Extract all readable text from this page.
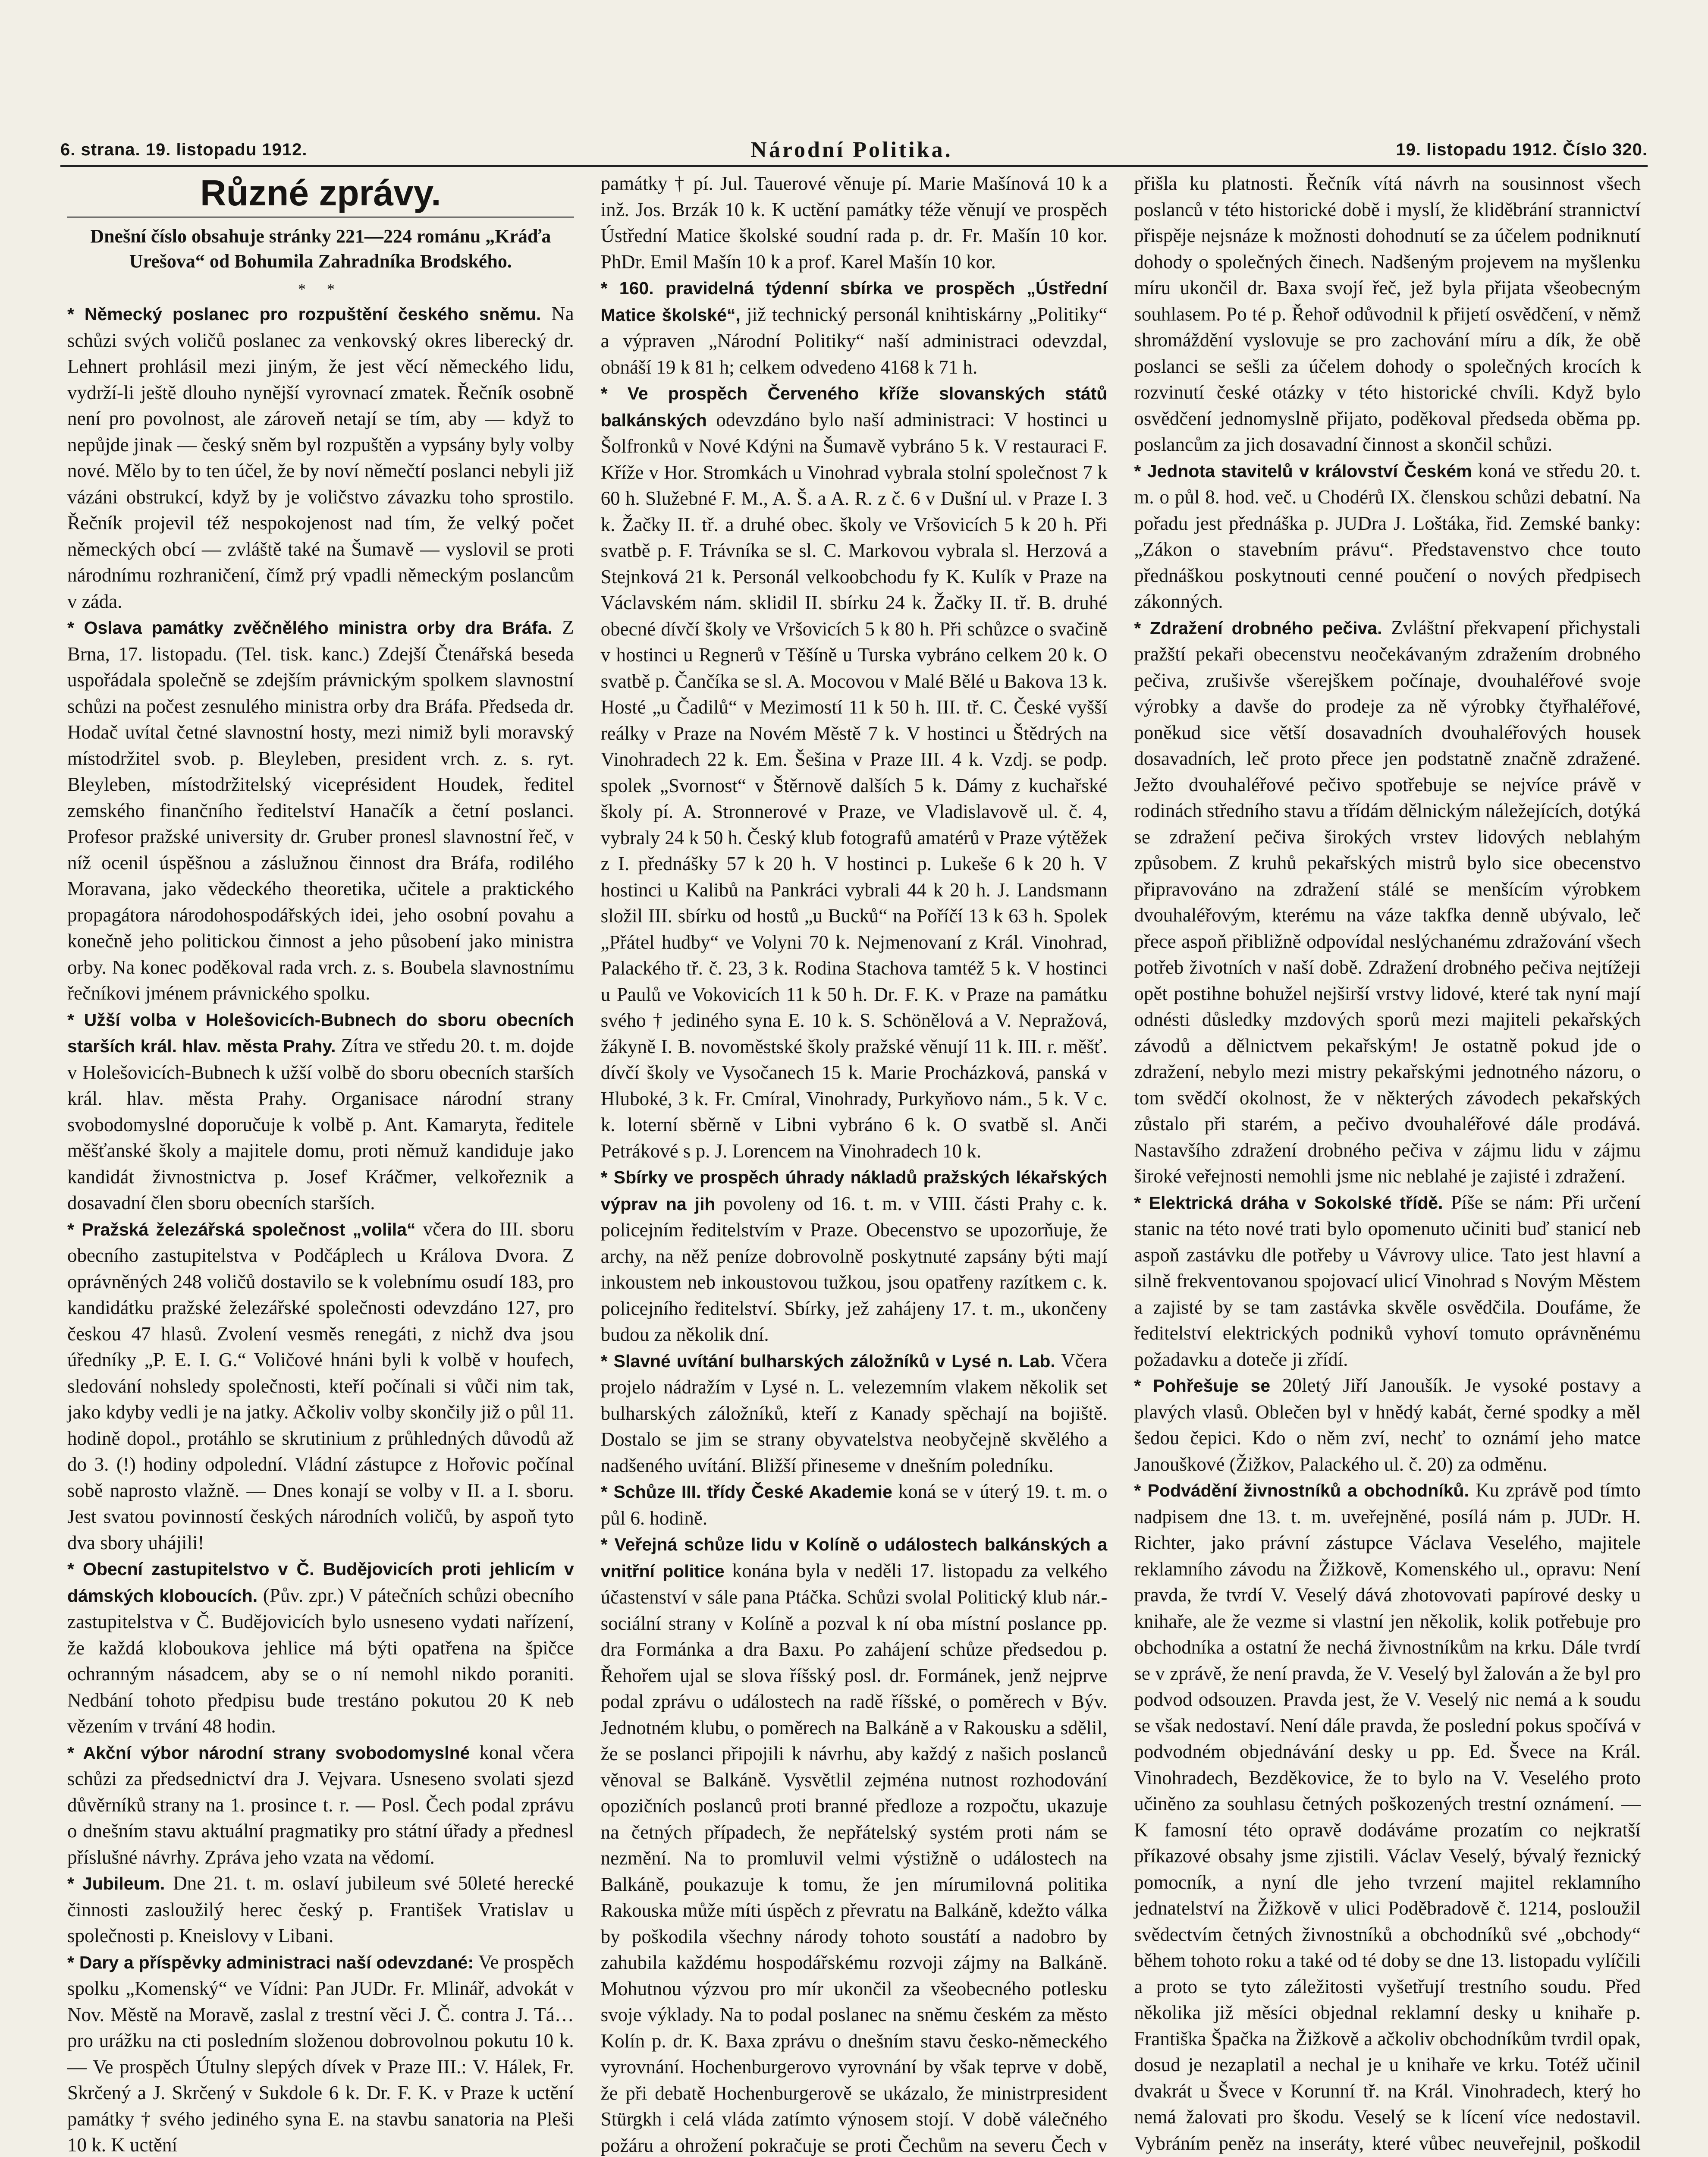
6. strana. 19. listopadu 1912.	Národní Politika.	19. listopadu 1912. Číslo 320.
Různé zprávy.
Dnešní číslo obsahuje stránky 221—224 románu „Kráďa Urešova“ od Bohumila Zahradníka Brodského.
* *

* Německý poslanec pro rozpuštění českého sněmu. Na schůzi svých voličů poslanec za venkovský okres liberecký dr. Lehnert prohlásil mezi jiným, že jest věcí německého lidu, vydrží-li ještě dlouho nynější vyrovnací zmatek. Řečník osobně není pro povolnost, ale zároveň netají se tím, aby — když to nepůjde jinak — český sněm byl rozpuštěn a vypsány byly volby nové. Mělo by to ten účel, že by noví němečtí poslanci nebyli již vázáni obstrukcí, když by je voličstvo závazku toho sprostilo. Řečník projevil též nespokojenost nad tím, že velký počet německých obcí — zvláště také na Šumavě — vyslovil se proti národnímu rozhraničení, čímž prý vpadli německým poslancům v záda.

* Oslava památky zvěčnělého ministra orby dra Bráfa. Z Brna, 17. listopadu. (Tel. tisk. kanc.) Zdejší Čtenářská beseda uspořádala společně se zdejším právnickým spolkem slavnostní schůzi na počest zesnulého ministra orby dra Bráfa. Předseda dr. Hodač uvítal četné slavnostní hosty, mezi nimiž byli moravský místodržitel svob. p. Bleyleben, president vrch. z. s. ryt. Bleyleben, místodržitelský viceprésident Houdek, ředitel zemského finančního ředitelství Hanačík a četní poslanci. Profesor pražské university dr. Gruber pronesl slavnostní řeč, v níž ocenil úspěšnou a záslužnou činnost dra Bráfa, rodilého Moravana, jako vědeckého theoretika, učitele a praktického propagátora národohospodářských idei, jeho osobní povahu a konečně jeho politickou činnost a jeho působení jako ministra orby. Na konec poděkoval rada vrch. z. s. Boubela slavnostnímu řečníkovi jménem právnického spolku.

* Užší volba v Holešovicích-Bubnech do sboru obecních starších král. hlav. města Prahy. Zítra ve středu 20. t. m. dojde v Holešovicích-Bubnech k užší volbě do sboru obecních starších král. hlav. města Prahy. Organisace národní strany svobodomyslné doporučuje k volbě p. Ant. Kamaryta, ředitele měšťanské školy a majitele domu, proti němuž kandiduje jako kandidát živnostnictva p. Josef Kráčmer, velkořeznik a dosavadní člen sboru obecních starších.

* Pražská železářská společnost „volila“ včera do III. sboru obecního zastupitelstva v Podčáplech u Králova Dvora. Z oprávněných 248 voličů dostavilo se k volebnímu osudí 183, pro kandidátku pražské železářské společnosti odevzdáno 127, pro českou 47 hlasů. Zvolení vesměs renegáti, z nichž dva jsou úředníky „P. E. I. G.“ Voličové hnáni byli k volbě v houfech, sledování nohsledy společnosti, kteří počínali si vůči nim tak, jako kdyby vedli je na jatky. Ačkoliv volby skončily již o půl 11. hodině dopol., protáhlo se skrutinium z průhledných důvodů až do 3. (!) hodiny odpolední. Vládní zástupce z Hořovic počínal sobě naprosto vlažně. — Dnes konají se volby v II. a I. sboru. Jest svatou povinností českých národních voličů, by aspoň tyto dva sbory uhájili!

* Obecní zastupitelstvo v Č. Budějovicích proti jehlicím v dámských kloboucích. (Pův. zpr.) V pátečních schůzi obecního zastupitelstva v Č. Budějovicích bylo usneseno vydati nařízení, že každá kloboukova jehlice má býti opatřena na špičce ochranným násadcem, aby se o ní nemohl nikdo poraniti. Nedbání tohoto předpisu bude trestáno pokutou 20 K neb vězením v trvání 48 hodin.

* Akční výbor národní strany svobodomyslné konal včera schůzi za předsednictví dra J. Vejvara. Usneseno svolati sjezd důvěrníků strany na 1. prosince t. r. — Posl. Čech podal zprávu o dnešním stavu aktuální pragmatiky pro státní úřady a přednesl příslušné návrhy. Zpráva jeho vzata na vědomí.

* Jubileum. Dne 21. t. m. oslaví jubileum své 50leté herecké činnosti zasloužilý herec český p. František Vratislav u společnosti p. Kneislovy v Libani.

* Dary a příspěvky administraci naší odevzdané: Ve prospěch spolku „Komenský“ ve Vídni: Pan JUDr. Fr. Mlinář, advokát v Nov. Městě na Moravě, zaslal z trestní věci J. Č. contra J. Tá… pro urážku na cti posledním složenou dobrovolnou pokutu 10 k. — Ve prospěch Útulny slepých dívek v Praze III.: V. Hálek, Fr. Skrčený a J. Skrčený v Sukdole 6 k. Dr. F. K. v Praze k uctění památky † svého jediného syna E. na stavbu sanatoria na Pleši 10 k. K uctění

památky † pí. Jul. Tauerové věnuje pí. Marie Mašínová 10 k a inž. Jos. Brzák 10 k. K uctění památky téže věnují ve prospěch Ústřední Matice školské soudní rada p. dr. Fr. Mašín 10 kor. PhDr. Emil Mašín 10 k a prof. Karel Mašín 10 kor.

* 160. pravidelná týdenní sbírka ve prospěch „Ústřední Matice školské“, již technický personál knihtiskárny „Politiky“ a výpraven „Národní Politiky“ naší administraci odevzdal, obnáší 19 k 81 h; celkem odvedeno 4168 k 71 h.

* Ve prospěch Červeného kříže slovanských států balkánských odevzdáno bylo naší administraci: V hostinci u Šolfronků v Nové Kdýni na Šumavě vybráno 5 k. V restauraci F. Kříže v Hor. Stromkách u Vinohrad vybrala stolní společnost 7 k 60 h. Služebné F. M., A. Š. a A. R. z č. 6 v Dušní ul. v Praze I. 3 k. Žačky II. tř. a druhé obec. školy ve Vršovicích 5 k 20 h. Při svatbě p. F. Trávníka se sl. C. Markovou vybrala sl. Herzová a Stejnková 21 k. Personál velkoobchodu fy K. Kulík v Praze na Václavském nám. sklidil II. sbírku 24 k. Žačky II. tř. B. druhé obecné dívčí školy ve Vršovicích 5 k 80 h. Při schůzce o svačině v hostinci u Regnerů v Těšíně u Turska vybráno celkem 20 k. O svatbě p. Čančíka se sl. A. Mocovou v Malé Bělé u Bakova 13 k. Hosté „u Čadilů“ v Mezimostí 11 k 50 h. III. tř. C. České vyšší reálky v Praze na Novém Městě 7 k. V hostinci u Štědrých na Vinohradech 22 k. Em. Šešina v Praze III. 4 k. Vzdj. se podp. spolek „Svornost“ v Štěrnově dalších 5 k. Dámy z kuchařské školy pí. A. Stronnerové v Praze, ve Vladislavově ul. č. 4, vybraly 24 k 50 h. Český klub fotografů amatérů v Praze výtěžek z I. přednášky 57 k 20 h. V hostinci p. Lukeše 6 k 20 h. V hostinci u Kalibů na Pankráci vybrali 44 k 20 h. J. Landsmann složil III. sbírku od hostů „u Bucků“ na Poříčí 13 k 63 h. Spolek „Přátel hudby“ ve Volyni 70 k. Nejmenovaní z Král. Vinohrad, Palackého tř. č. 23, 3 k. Rodina Stachova tamtéž 5 k. V hostinci u Paulů ve Vokovicích 11 k 50 h. Dr. F. K. v Praze na památku svého † jediného syna E. 10 k. S. Schönělová a V. Nepražová, žákyně I. B. novoměstské školy pražské věnují 11 k. III. r. měšť. dívčí školy ve Vysočanech 15 k. Marie Procházková, panská v Hluboké, 3 k. Fr. Cmíral, Vinohrady, Purkyňovo nám., 5 k. V c. k. loterní sběrně v Libni vybráno 6 k. O svatbě sl. Anči Petrákové s p. J. Lorencem na Vinohradech 10 k.

* Sbírky ve prospěch úhrady nákladů pražských lékařských výprav na jih povoleny od 16. t. m. v VIII. části Prahy c. k. policejním ředitelstvím v Praze. Obecenstvo se upozorňuje, že archy, na něž peníze dobrovolně poskytnuté zapsány býti mají inkoustem neb inkoustovou tužkou, jsou opatřeny razítkem c. k. policejního ředitelství. Sbírky, jež zahájeny 17. t. m., ukončeny budou za několik dní.

* Slavné uvítání bulharských záložníků v Lysé n. Lab. Včera projelo nádražím v Lysé n. L. velezemním vlakem několik set bulharských záložníků, kteří z Kanady spěchají na bojiště. Dostalo se jim se strany obyvatelstva neobyčejně skvělého a nadšeného uvítání. Bližší přineseme v dnešním poledníku.

* Schůze III. třídy České Akademie koná se v úterý 19. t. m. o půl 6. hodině.

* Veřejná schůze lidu v Kolíně o událostech balkánských a vnitřní politice konána byla v neděli 17. listopadu za velkého účastenství v sále pana Ptáčka. Schůzi svolal Politický klub nár.-sociální strany v Kolíně a pozval k ní oba místní poslance pp. dra Formánka a dra Baxu. Po zahájení schůze předsedou p. Řehořem ujal se slova říšský posl. dr. Formánek, jenž nejprve podal zprávu o událostech na radě říšské, o poměrech v Býv. Jednotném klubu, o poměrech na Balkáně a v Rakousku a sdělil, že se poslanci připojili k návrhu, aby každý z našich poslanců věnoval se Balkáně. Vysvětlil zejména nutnost rozhodování opozičních poslanců proti branné předloze a rozpočtu, ukazuje na četných případech, že nepřátelský systém proti nám se nezmění. Na to promluvil velmi výstižně o událostech na Balkáně, poukazuje k tomu, že jen mírumilovná politika Rakouska může míti úspěch z převratu na Balkáně, kdežto válka by poškodila všechny národy tohoto soustátí a nadobro by zahubila každému hospodářskému rozvoji zájmy na Balkáně. Mohutnou výzvou pro mír ukončil za všeobecného potlesku svoje výklady. Na to podal poslanec na sněmu českém za město Kolín p. dr. K. Baxa zprávu o dnešním stavu česko-německého vyrovnání. Hochenburgerovo vyrovnání by však teprve v době, že při debatě Hochenburgerově se ukázalo, že ministrpresident Stürgkh i celá vláda zatímto výnosem stojí. V době válečného požáru a ohrožení pokračuje se proti Čechům na severu Čech v

přišla ku platnosti. Řečník vítá návrh na sousinnost všech poslanců v této historické době i myslí, že kliděbrání strannictví přispěje nejsnáze k možnosti dohodnutí se za účelem podniknutí dohody o společných činech. Nadšeným projevem na myšlenku míru ukončil dr. Baxa svojí řeč, jež byla přijata všeobecným souhlasem. Po té p. Řehoř odůvodnil k přijetí osvědčení, v němž shromáždění vyslovuje se pro zachování míru a dík, že obě poslanci se sešli za účelem dohody o společných krocích k rozvinutí české otázky v této historické chvíli. Když bylo osvědčení jednomyslně přijato, poděkoval předseda oběma pp. poslancům za jich dosavadní činnost a skončil schůzi.

* Jednota stavitelů v království Českém koná ve středu 20. t. m. o půl 8. hod. več. u Chodérů IX. členskou schůzi debatní. Na pořadu jest přednáška p. JUDra J. Loštáka, řid. Zemské banky: „Zákon o stavebním právu“. Představenstvo chce touto přednáškou poskytnouti cenné poučení o nových předpisech zákonných.

* Zdražení drobného pečiva. Zvláštní překvapení přichystali pražští pekaři obecenstvu neočekávaným zdražením drobného pečiva, zrušivše všerejškem počínaje, dvouhaléřové svoje výrobky a davše do prodeje za ně výrobky čtyřhaléřové, poněkud sice větší dosavadních dvouhaléřových housek dosavadních, leč proto přece jen podstatně značně zdražené. Ježto dvouhaléřové pečivo spotřebuje se nejvíce právě v rodinách středního stavu a třídám dělnickým náležejících, dotýká se zdražení pečiva širokých vrstev lidových neblahým způsobem. Z kruhů pekařských mistrů bylo sice obecenstvo připravováno na zdražení stálé se menšícím výrobkem dvouhaléřovým, kterému na váze takfka denně ubývalo, leč přece aspoň přibližně odpovídal neslýchanému zdražování všech potřeb životních v naší době. Zdražení drobného pečiva nejtížeji opět postihne bohužel nejširší vrstvy lidové, které tak nyní mají odnésti důsledky mzdových sporů mezi majiteli pekařských závodů a dělnictvem pekařským! Je ostatně pokud jde o zdražení, nebylo mezi mistry pekařskými jednotného názoru, o tom svědčí okolnost, že v některých závodech pekařských zůstalo při starém, a pečivo dvouhaléřové dále prodává. Nastavšího zdražení drobného pečiva v zájmu lidu v zájmu široké veřejnosti nemohli jsme nic neblahé je zajisté i zdražení.

* Elektrická dráha v Sokolské třídě. Píše se nám: Při určení stanic na této nové trati bylo opomenuto učiniti buď stanicí neb aspoň zastávku dle potřeby u Vávrovy ulice. Tato jest hlavní a silně frekventovanou spojovací ulicí Vinohrad s Novým Městem a zajisté by se tam zastávka skvěle osvědčila. Doufáme, že ředitelství elektrických podniků vyhoví tomuto oprávněnému požadavku a doteče ji zřídí.

* Pohřešuje se 20letý Jiří Janoušík. Je vysoké postavy a plavých vlasů. Oblečen byl v hnědý kabát, černé spodky a měl šedou čepici. Kdo o něm zví, nechť to oznámí jeho matce Janouškové (Žižkov, Palackého ul. č. 20) za odměnu.

* Podvádění živnostníků a obchodníků. Ku zprávě pod tímto nadpisem dne 13. t. m. uveřejněné, posílá nám p. JUDr. H. Richter, jako právní zástupce Václava Veselého, majitele reklamního závodu na Žižkově, Komenského ul., opravu: Není pravda, že tvrdí V. Veselý dává zhotovovati papírové desky u knihaře, ale že vezme si vlastní jen několik, kolik potřebuje pro obchodníka a ostatní že nechá živnostníkům na krku. Dále tvrdí se v zprávě, že není pravda, že V. Veselý byl žalován a že byl pro podvod odsouzen. Pravda jest, že V. Veselý nic nemá a k soudu se však nedostaví. Není dále pravda, že poslední pokus spočívá v podvodném objednávání desky u pp. Ed. Švece na Král. Vinohradech, Bezděkovice, že to bylo na V. Veselého proto učiněno za souhlasu četných poškozených trestní oznámení. — K famosní této opravě dodáváme prozatím co nejkratší příkazové obsahy jsme zjistili. Václav Veselý, bývalý řeznický pomocník, a nyní dle jeho tvrzení majitel reklamního jednatelství na Žižkově v ulici Poděbradově č. 1214, posloužil svědectvím četných živnostníků a obchodníků své „obchody“ během tohoto roku a také od té doby se dne 13. listopadu vylíčili a proto se tyto záležitosti vyšetřují trestního soudu. Před několika již měsíci objednal reklamní desky u knihaře p. Františka Špačka na Žižkově a ačkoliv obchodníkům tvrdil opak, dosud je nezaplatil a nechal je u knihaře ve krku. Totéž učinil dvakrát u Švece v Korunní tř. na Král. Vinohradech, který ho nemá žalovati pro škodu. Veselý se k lícení více nedostavil. Vybráním peněz na inseráty, které vůbec neuveřejnil, poškodil
